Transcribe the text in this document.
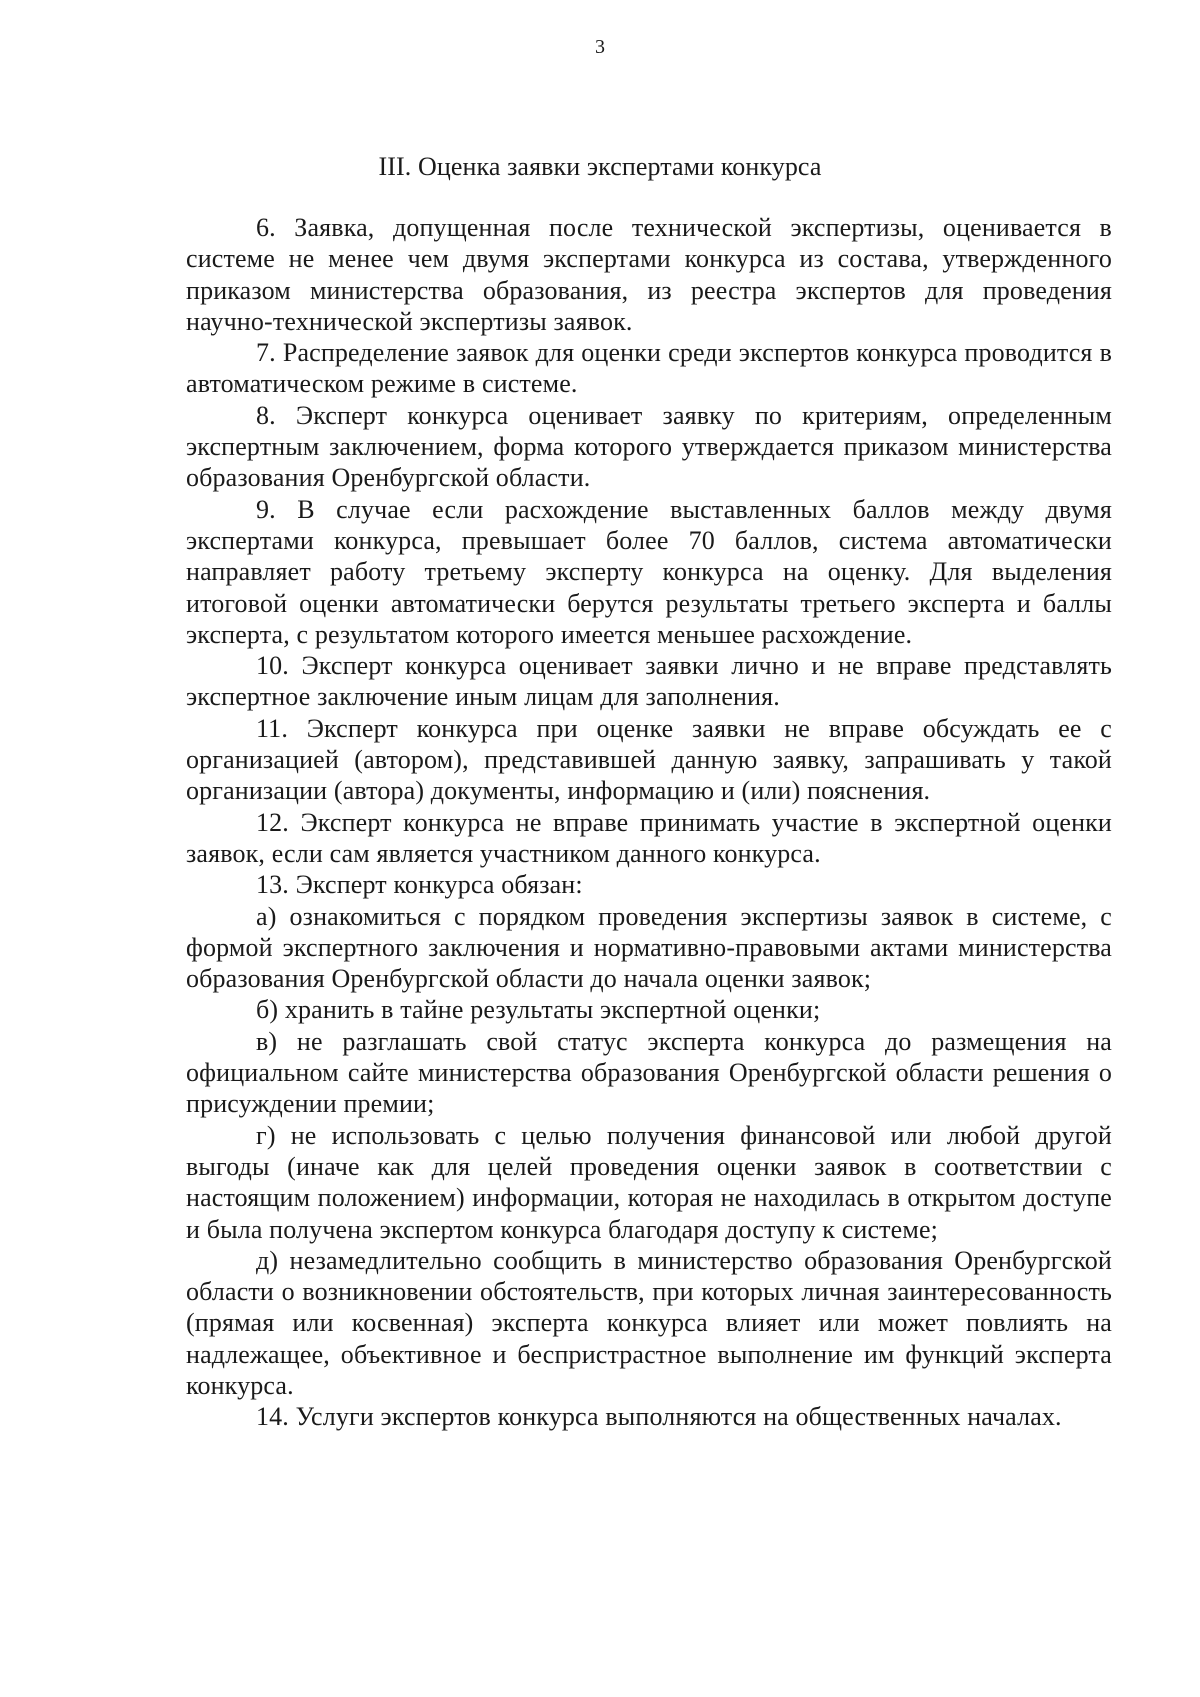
3
III. Оценка заявки экспертами конкурса

6. Заявка, допущенная после технической экспертизы, оценивается в системе не менее чем двумя экспертами конкурса из состава, утвержденного приказом министерства образования, из реестра экспертов для проведения научно-технической экспертизы заявок.

7. Распределение заявок для оценки среди экспертов конкурса проводится в автоматическом режиме в системе.

8. Эксперт конкурса оценивает заявку по критериям, определенным экспертным заключением, форма которого утверждается приказом министерства образования Оренбургской области.

9. В случае если расхождение выставленных баллов между двумя экспертами конкурса, превышает более 70 баллов, система автоматически направляет работу третьему эксперту конкурса на оценку. Для выделения итоговой оценки автоматически берутся результаты третьего эксперта и баллы эксперта, с результатом которого имеется меньшее расхождение.

10. Эксперт конкурса оценивает заявки лично и не вправе представлять экспертное заключение иным лицам для заполнения.

11. Эксперт конкурса при оценке заявки не вправе обсуждать ее с организацией (автором), представившей данную заявку, запрашивать у такой организации (автора) документы, информацию и (или) пояснения.

12. Эксперт конкурса не вправе принимать участие в экспертной оценки заявок, если сам является участником данного конкурса.

13. Эксперт конкурса обязан:

а) ознакомиться с порядком проведения экспертизы заявок в системе, с формой экспертного заключения и нормативно-правовыми актами министерства образования Оренбургской области до начала оценки заявок;

б) хранить в тайне результаты экспертной оценки;

в) не разглашать свой статус эксперта конкурса до размещения на официальном сайте министерства образования Оренбургской области решения о присуждении премии;

г) не использовать с целью получения финансовой или любой другой выгоды (иначе как для целей проведения оценки заявок в соответствии с настоящим положением) информации, которая не находилась в открытом доступе и была получена экспертом конкурса благодаря доступу к системе;

д) незамедлительно сообщить в министерство образования Оренбургской области о возникновении обстоятельств, при которых личная заинтересованность (прямая или косвенная) эксперта конкурса влияет или может повлиять на надлежащее, объективное и беспристрастное выполнение им функций эксперта конкурса.

14. Услуги экспертов конкурса выполняются на общественных началах.
